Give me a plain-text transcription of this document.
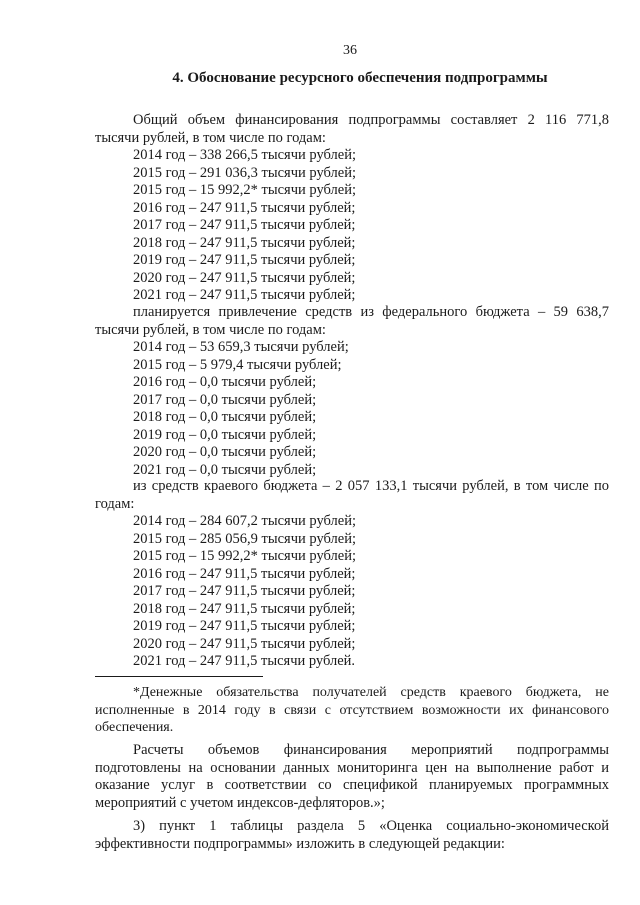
36
4. Обоснование ресурсного обеспечения подпрограммы
Общий объем финансирования подпрограммы составляет 2 116 771,8 тысячи рублей, в том числе по годам:
2014 год – 338 266,5 тысячи рублей;
2015 год – 291 036,3 тысячи рублей;
2015 год – 15 992,2* тысячи рублей;
2016 год – 247 911,5 тысячи рублей;
2017 год – 247 911,5 тысячи рублей;
2018 год – 247 911,5 тысячи рублей;
2019 год – 247 911,5 тысячи рублей;
2020 год – 247 911,5 тысячи рублей;
2021 год – 247 911,5 тысячи рублей;
планируется привлечение средств из федерального бюджета – 59 638,7 тысячи рублей, в том числе по годам:
2014 год – 53 659,3 тысячи рублей;
2015 год – 5 979,4 тысячи рублей;
2016 год – 0,0 тысячи рублей;
2017 год – 0,0 тысячи рублей;
2018 год – 0,0 тысячи рублей;
2019 год – 0,0 тысячи рублей;
2020 год – 0,0 тысячи рублей;
2021 год – 0,0 тысячи рублей;
из средств краевого бюджета – 2 057 133,1 тысячи рублей, в том числе по годам:
2014 год – 284 607,2 тысячи рублей;
2015 год – 285 056,9 тысячи рублей;
2015 год – 15 992,2* тысячи рублей;
2016 год – 247 911,5 тысячи рублей;
2017 год – 247 911,5 тысячи рублей;
2018 год – 247 911,5 тысячи рублей;
2019 год – 247 911,5 тысячи рублей;
2020 год – 247 911,5 тысячи рублей;
2021 год – 247 911,5 тысячи рублей.
*Денежные обязательства получателей средств краевого бюджета, не исполненные в 2014 году в связи с отсутствием возможности их финансового обеспечения.
Расчеты объемов финансирования мероприятий подпрограммы подготовлены на основании данных мониторинга цен на выполнение работ и оказание услуг в соответствии со спецификой планируемых программных мероприятий с учетом индексов-дефляторов.»;
3) пункт 1 таблицы раздела 5 «Оценка социально-экономической эффективности подпрограммы» изложить в следующей редакции:
